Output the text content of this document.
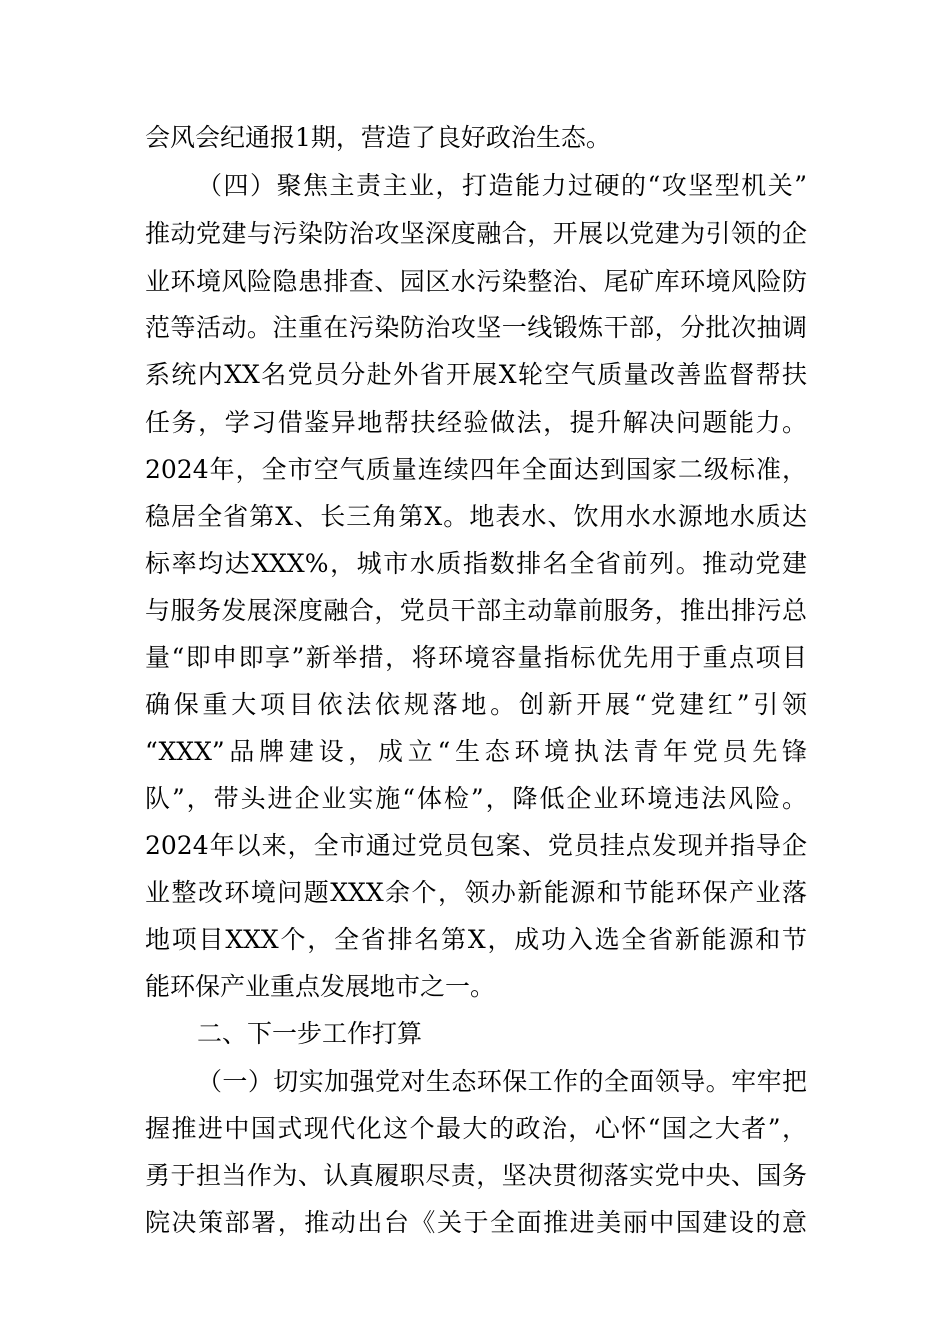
会风会纪通报1期，营造了良好政治生态。
（四）聚焦主责主业，打造能力过硬的“攻坚型机关”
推动党建与污染防治攻坚深度融合，开展以党建为引领的企
业环境风险隐患排查、园区水污染整治、尾矿库环境风险防
范等活动。注重在污染防治攻坚一线锻炼干部，分批次抽调
系统内XX名党员分赴外省开展X轮空气质量改善监督帮扶
任务，学习借鉴异地帮扶经验做法，提升解决问题能力。
2024年，全市空气质量连续四年全面达到国家二级标准，
稳居全省第X、长三角第X。地表水、饮用水水源地水质达
标率均达XXX%，城市水质指数排名全省前列。推动党建
与服务发展深度融合，党员干部主动靠前服务，推出排污总
量“即申即享”新举措，将环境容量指标优先用于重点项目
确保重大项目依法依规落地。创新开展“党建红”引领
“XXX”品牌建设，成立“生态环境执法青年党员先锋
队”，带头进企业实施“体检”，降低企业环境违法风险。
2024年以来，全市通过党员包案、党员挂点发现并指导企
业整改环境问题XXX余个，领办新能源和节能环保产业落
地项目XXX个，全省排名第X，成功入选全省新能源和节
能环保产业重点发展地市之一。
二、下一步工作打算
（一）切实加强党对生态环保工作的全面领导。牢牢把
握推进中国式现代化这个最大的政治，心怀“国之大者”，
勇于担当作为、认真履职尽责，坚决贯彻落实党中央、国务
院决策部署，推动出台《关于全面推进美丽中国建设的意
